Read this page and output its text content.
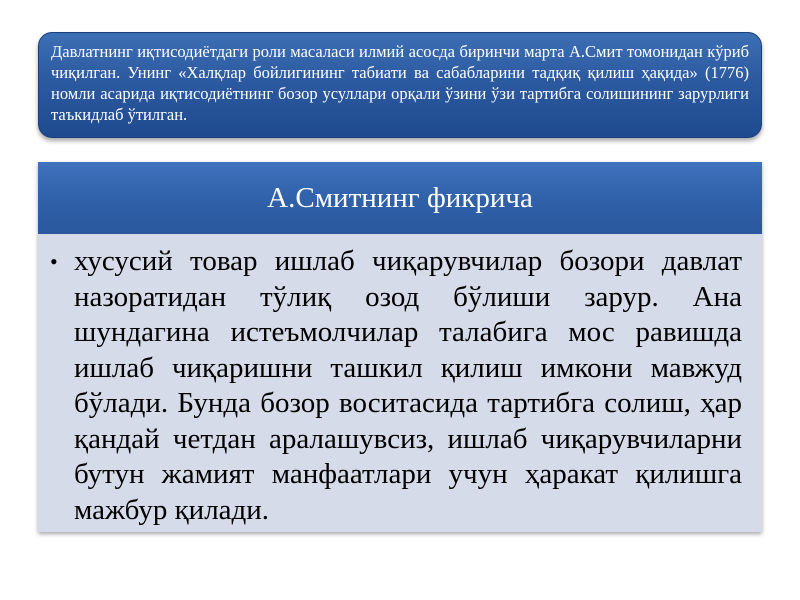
Давлатнинг иқтисодиётдаги роли масаласи илмий асосда биринчи марта А.Смит томонидан кўриб чиқилган. Унинг «Халқлар бойлигининг табиати ва сабабларини тадқиқ қилиш ҳақида» (1776) номли асарида иқтисодиётнинг бозор усуллари орқали ўзини ўзи тартибга солишининг зарурлиги таъкидлаб ўтилган.
А.Смитнинг фикрича
• хусусий товар ишлаб чиқарувчилар бозори давлат назоратидан тўлиқ озод бўлиши зарур. Ана шундагина истеъмолчилар талабига мос равишда ишлаб чиқаришни ташкил қилиш имкони мавжуд бўлади. Бунда бозор воситасида тартибга солиш, ҳар қандай четдан аралашувсиз, ишлаб чиқарувчиларни бутун жамият манфаатлари учун ҳаракат қилишга мажбур қилади.
